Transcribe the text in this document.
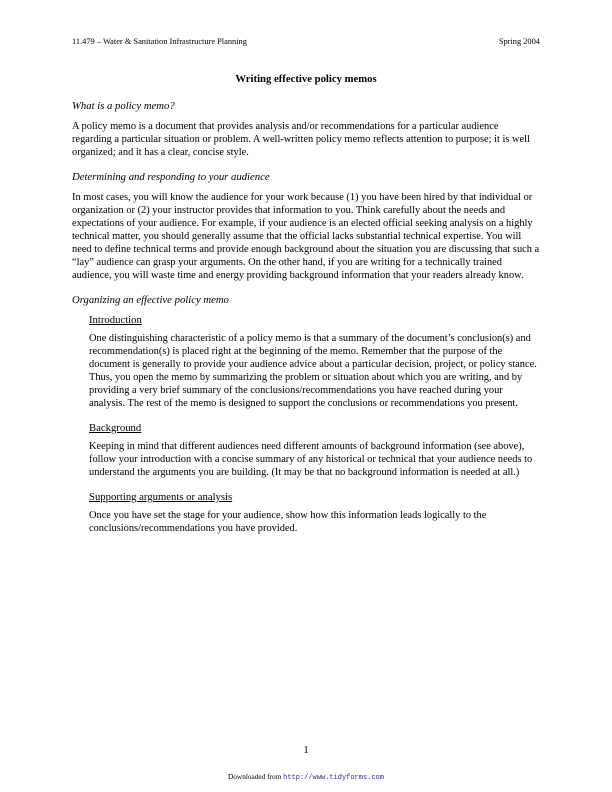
11.479 – Water & Sanitation Infrastructure Planning	Spring 2004
Writing effective policy memos
What is a policy memo?

A policy memo is a document that provides analysis and/or recommendations for a particular audience regarding a particular situation or problem. A well-written policy memo reflects attention to purpose; it is well organized; and it has a clear, concise style.

Determining and responding to your audience

In most cases, you will know the audience for your work because (1) you have been hired by that individual or organization or (2) your instructor provides that information to you. Think carefully about the needs and expectations of your audience. For example, if your audience is an elected official seeking analysis on a highly technical matter, you should generally assume that the official lacks substantial technical expertise. You will need to define technical terms and provide enough background about the situation you are discussing that such a “lay” audience can grasp your arguments. On the other hand, if you are writing for a technically trained audience, you will waste time and energy providing background information that your readers already know.

Organizing an effective policy memo
Introduction

One distinguishing characteristic of a policy memo is that a summary of the document’s conclusion(s) and recommendation(s) is placed right at the beginning of the memo. Remember that the purpose of the document is generally to provide your audience advice about a particular decision, project, or policy stance. Thus, you open the memo by summarizing the problem or situation about which you are writing, and by providing a very brief summary of the conclusions/recommendations you have reached during your analysis. The rest of the memo is designed to support the conclusions or recommendations you present.

Background

Keeping in mind that different audiences need different amounts of background information (see above), follow your introduction with a concise summary of any historical or technical that your audience needs to understand the arguments you are building. (It may be that no background information is needed at all.)

Supporting arguments or analysis

Once you have set the stage for your audience, show how this information leads logically to the conclusions/recommendations you have provided.

1
Downloaded from http://www.tidyforms.com
